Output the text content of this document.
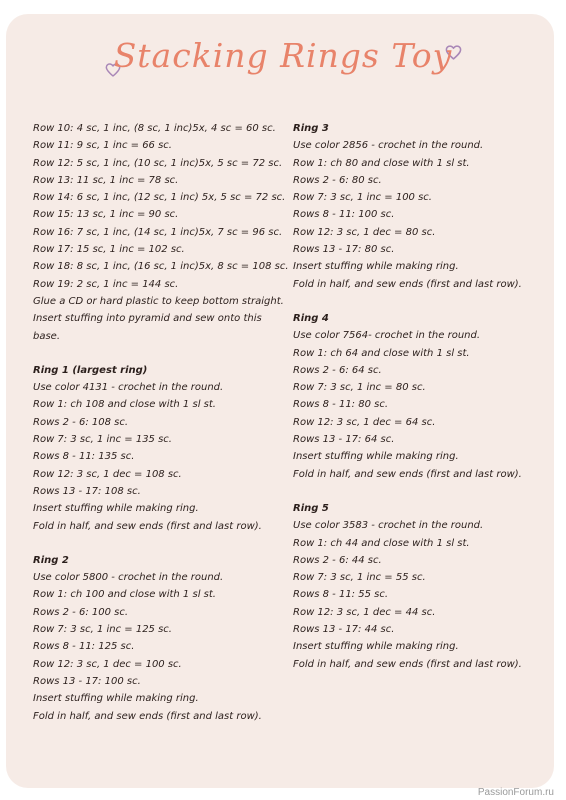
Stacking Rings Toy
Row 10: 4 sc, 1 inc, (8 sc, 1 inc)5x, 4 sc = 60 sc.
Row 11: 9 sc, 1 inc = 66 sc.
Row 12: 5 sc, 1 inc, (10 sc, 1 inc)5x, 5 sc = 72 sc.
Row 13: 11 sc, 1 inc = 78 sc.
Row 14: 6 sc, 1 inc, (12 sc, 1 inc) 5x, 5 sc = 72 sc.
Row 15: 13 sc, 1 inc = 90 sc.
Row 16: 7 sc, 1 inc, (14 sc, 1 inc)5x, 7 sc = 96 sc.
Row 17: 15 sc, 1 inc = 102 sc.
Row 18: 8 sc, 1 inc, (16 sc, 1 inc)5x, 8 sc = 108 sc.
Row 19: 2 sc, 1 inc = 144 sc.
Glue a CD or hard plastic to keep bottom straight.
Insert stuffing into pyramid and sew onto this base.
Ring 1 (largest ring)
Use color 4131 - crochet in the round.
Row 1: ch 108 and close with 1 sl st.
Rows 2 - 6: 108 sc.
Row 7: 3 sc, 1 inc = 135 sc.
Rows 8 - 11: 135 sc.
Row 12: 3 sc, 1 dec = 108 sc.
Rows 13 - 17: 108 sc.
Insert stuffing while making ring.
Fold in half, and sew ends (first and last row).
Ring 2
Use color 5800 - crochet in the round.
Row 1: ch 100 and close with 1 sl st.
Rows 2 - 6: 100 sc.
Row 7: 3 sc, 1 inc = 125 sc.
Rows 8 - 11: 125 sc.
Row 12: 3 sc, 1 dec = 100 sc.
Rows 13 - 17: 100 sc.
Insert stuffing while making ring.
Fold in half, and sew ends (first and last row).
Ring 3
Use color 2856 - crochet in the round.
Row 1: ch 80 and close with 1 sl st.
Rows 2 - 6: 80 sc.
Row 7: 3 sc, 1 inc = 100 sc.
Rows 8 - 11: 100 sc.
Row 12: 3 sc, 1 dec = 80 sc.
Rows 13 - 17: 80 sc.
Insert stuffing while making ring.
Fold in half, and sew ends (first and last row).
Ring 4
Use color 7564- crochet in the round.
Row 1: ch 64 and close with 1 sl st.
Rows 2 - 6: 64 sc.
Row 7: 3 sc, 1 inc = 80 sc.
Rows 8 - 11: 80 sc.
Row 12: 3 sc, 1 dec = 64 sc.
Rows 13 - 17: 64 sc.
Insert stuffing while making ring.
Fold in half, and sew ends (first and last row).
Ring 5
Use color 3583 - crochet in the round.
Row 1: ch 44 and close with 1 sl st.
Rows 2 - 6: 44 sc.
Row 7: 3 sc, 1 inc = 55 sc.
Rows 8 - 11: 55 sc.
Row 12: 3 sc, 1 dec = 44 sc.
Rows 13 - 17: 44 sc.
Insert stuffing while making ring.
Fold in half, and sew ends (first and last row).
PassionForum.ru
